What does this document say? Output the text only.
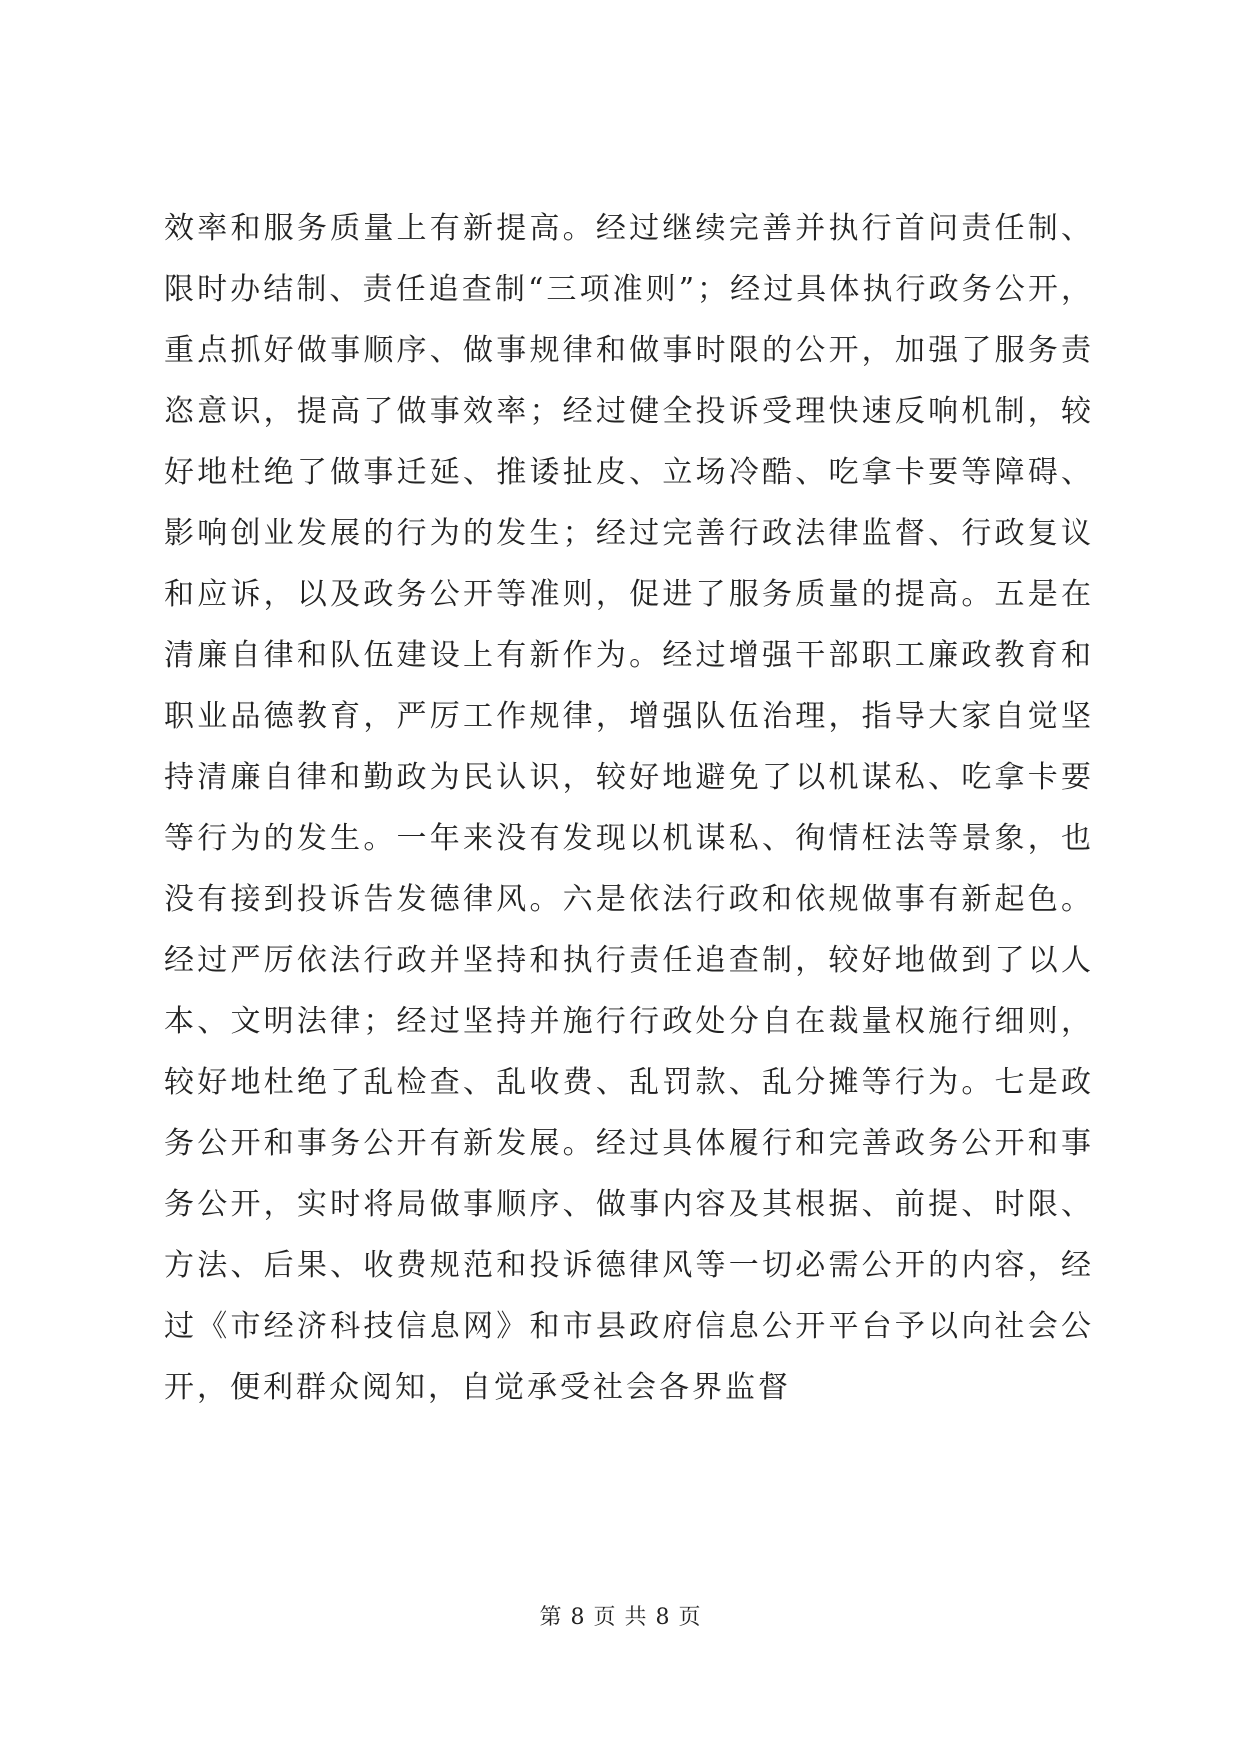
效率和服务质量上有新提高。经过继续完善并执行首问责任制、
限时办结制、责任追查制“三项准则”；经过具体执行政务公开，
重点抓好做事顺序、做事规律和做事时限的公开，加强了服务责
恣意识，提高了做事效率；经过健全投诉受理快速反响机制，较
好地杜绝了做事迁延、推诿扯皮、立场冷酷、吃拿卡要等障碍、
影响创业发展的行为的发生；经过完善行政法律监督、行政复议
和应诉，以及政务公开等准则，促进了服务质量的提高。五是在
清廉自律和队伍建设上有新作为。经过增强干部职工廉政教育和
职业品德教育，严厉工作规律，增强队伍治理，指导大家自觉坚
持清廉自律和勤政为民认识，较好地避免了以机谋私、吃拿卡要
等行为的发生。一年来没有发现以机谋私、徇情枉法等景象，也
没有接到投诉告发德律风。六是依法行政和依规做事有新起色。
经过严厉依法行政并坚持和执行责任追查制，较好地做到了以人
本、文明法律；经过坚持并施行行政处分自在裁量权施行细则，
较好地杜绝了乱检查、乱收费、乱罚款、乱分摊等行为。七是政
务公开和事务公开有新发展。经过具体履行和完善政务公开和事
务公开，实时将局做事顺序、做事内容及其根据、前提、时限、
方法、后果、收费规范和投诉德律风等一切必需公开的内容，经
过《市经济科技信息网》和市县政府信息公开平台予以向社会公
开，便利群众阅知，自觉承受社会各界监督
第 8 页 共 8 页
